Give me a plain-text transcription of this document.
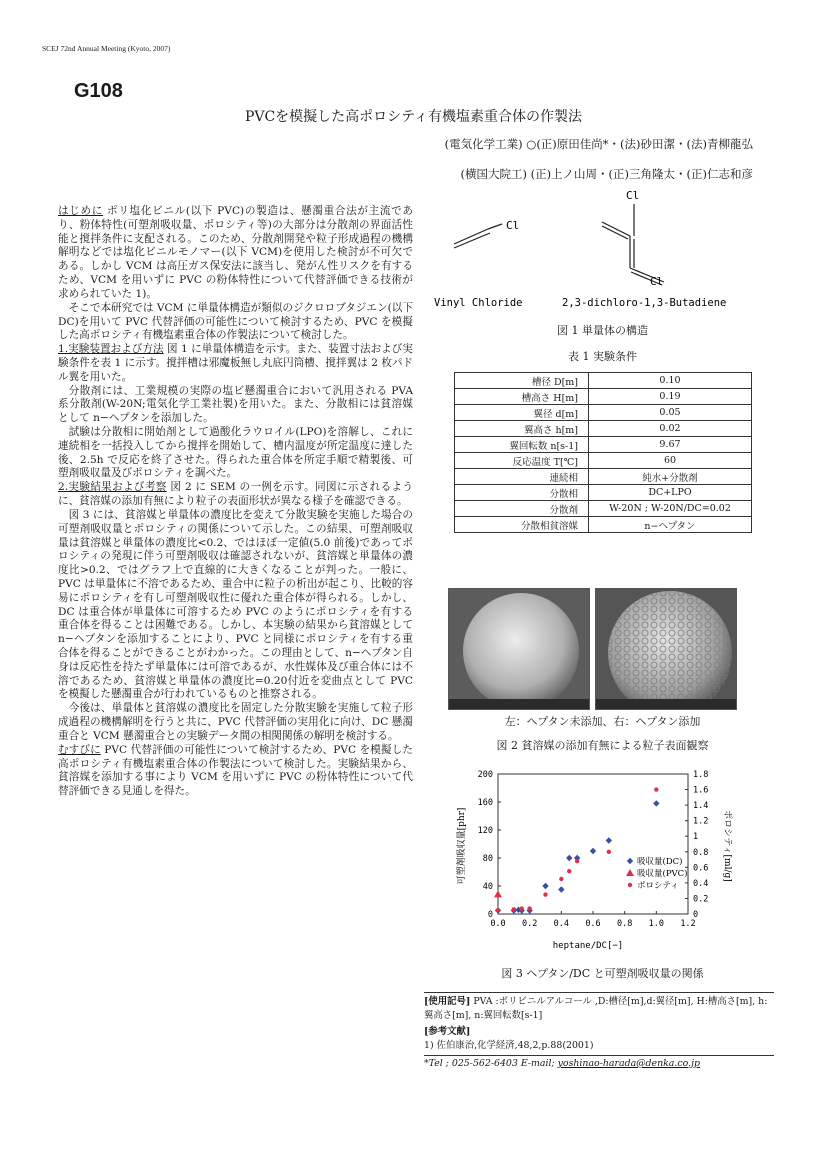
SCEJ 72nd Annual Meeting (Kyoto, 2007)
G108
PVCを模擬した高ポロシティ有機塩素重合体の作製法
(電気化学工業) ○(正)原田佳尚*・(法)砂田潔・(法)青柳龍弘
(横国大院工) (正)上ノ山周・(正)三角隆太・(正)仁志和彦

はじめに ポリ塩化ビニル(以下 PVC)の製造は、懸濁重合法が主流であり、粉体特性(可塑剤吸収量、ポロシティ等)の大部分は分散剤の界面活性能と撹拌条件に支配される。このため、分散剤開発や粒子形成過程の機構解明などでは塩化ビニルモノマー(以下 VCM)を使用した検討が不可欠である。しかし VCM は高圧ガス保安法に該当し、発がん性リスクを有するため、VCM を用いずに PVC の粉体特性について代替評価できる技術が求められていた 1)。

そこで本研究では VCM に単量体構造が類似のジクロロブタジエン(以下 DC)を用いて PVC 代替評価の可能性について検討するため、PVC を模擬した高ポロシティ有機塩素重合体の作製法について検討した。

1.実験装置および方法 図 1 に単量体構造を示す。また、装置寸法および実験条件を表 1 に示す。撹拌槽は邪魔板無し丸底円筒槽、撹拌翼は 2 枚パドル翼を用いた。

分散剤には、工業規模の実際の塩ビ懸濁重合において汎用される PVA 系分散剤(W-20N;電気化学工業社製)を用いた。また、分散相には貧溶媒として n−ヘプタンを添加した。

試験は分散相に開始剤として過酸化ラウロイル(LPO)を溶解し、これに連続相を一括投入してから撹拌を開始して、槽内温度が所定温度に達した後、2.5h で反応を終了させた。得られた重合体を所定手順で精製後、可塑剤吸収量及びポロシティを調べた。

2.実験結果および考察 図 2 に SEM の一例を示す。同図に示されるように、貧溶媒の添加有無により粒子の表面形状が異なる様子を確認できる。

図 3 には、貧溶媒と単量体の濃度比を変えて分散実験を実施した場合の可塑剤吸収量とポロシティの関係について示した。この結果、可塑剤吸収量は貧溶媒と単量体の濃度比<0.2、ではほぼ一定値(5.0 前後)であってポロシティの発現に伴う可塑剤吸収は確認されないが、貧溶媒と単量体の濃度比>0.2、ではグラフ上で直線的に大きくなることが判った。一般に、PVC は単量体に不溶であるため、重合中に粒子の析出が起こり、比較的容易にポロシティを有し可塑剤吸収性に優れた重合体が得られる。しかし、DC は重合体が単量体に可溶するため PVC のようにポロシティを有する重合体を得ることは困難である。しかし、本実験の結果から貧溶媒として n−ヘプタンを添加することにより、PVC と同様にポロシティを有する重合体を得ることができることがわかった。この理由として、n−ヘプタン自身は反応性を持たず単量体には可溶であるが、水性媒体及び重合体には不溶であるため、貧溶媒と単量体の濃度比=0.20付近を変曲点として PVC を模擬した懸濁重合が行われているものと推察される。

今後は、単量体と貧溶媒の濃度比を固定した分散実験を実施して粒子形成過程の機構解明を行うと共に、PVC 代替評価の実用化に向け、DC 懸濁重合と VCM 懸濁重合との実験データ間の相関関係の解明を検討する。

むすびに PVC 代替評価の可能性について検討するため、PVC を模擬した高ポロシティ有機塩素重合体の作製法について検討した。実験結果から、貧溶媒を添加する事により VCM を用いずに PVC の粉体特性について代替評価できる見通しを得た。

Cl
Cl
Cl
Vinyl Chloride	2,3-dichloro-1,3-Butadiene
図 1 単量体の構造
表 1 実験条件
槽径 D[m]	0.10
槽高さ H[m]	0.19
翼径 d[m]	0.05
翼高さ h[m]	0.02
翼回転数 n[s-1]	9.67
反応温度 T[℃]	60
連続相	純水+分散剤
分散相	DC+LPO
分散剤	W-20N ; W-20N/DC=0.02
分散相貧溶媒	n−ヘプタン
左：ヘプタン未添加、右：ヘプタン添加
図 2 貧溶媒の添加有無による粒子表面観察
可塑剤吸収量[phr]	ポロシティ[ml/g]
heptane/DC[−]
0.0 0.2 0.4 0.6 0.8 1.0 1.2
0
40
80
120
160
200
0
0.2
0.4
0.6
0.8
1
1.2
1.4
1.6
1.8
吸収量(DC)
吸収量(PVC)
ポロシティ
図 3 ヘプタン/DC と可塑剤吸収量の関係
[使用記号] PVA :ポリビニルアルコール ,D:槽径[m],d:翼径[m], H:槽高さ[m], h:翼高さ[m], n:翼回転数[s-1]
[参考文献]
1) 佐伯康治,化学経済,48,2,p.88(2001)
*Tel ; 025-562-6403 E-mail; yoshinao-harada@denka.co.jp
